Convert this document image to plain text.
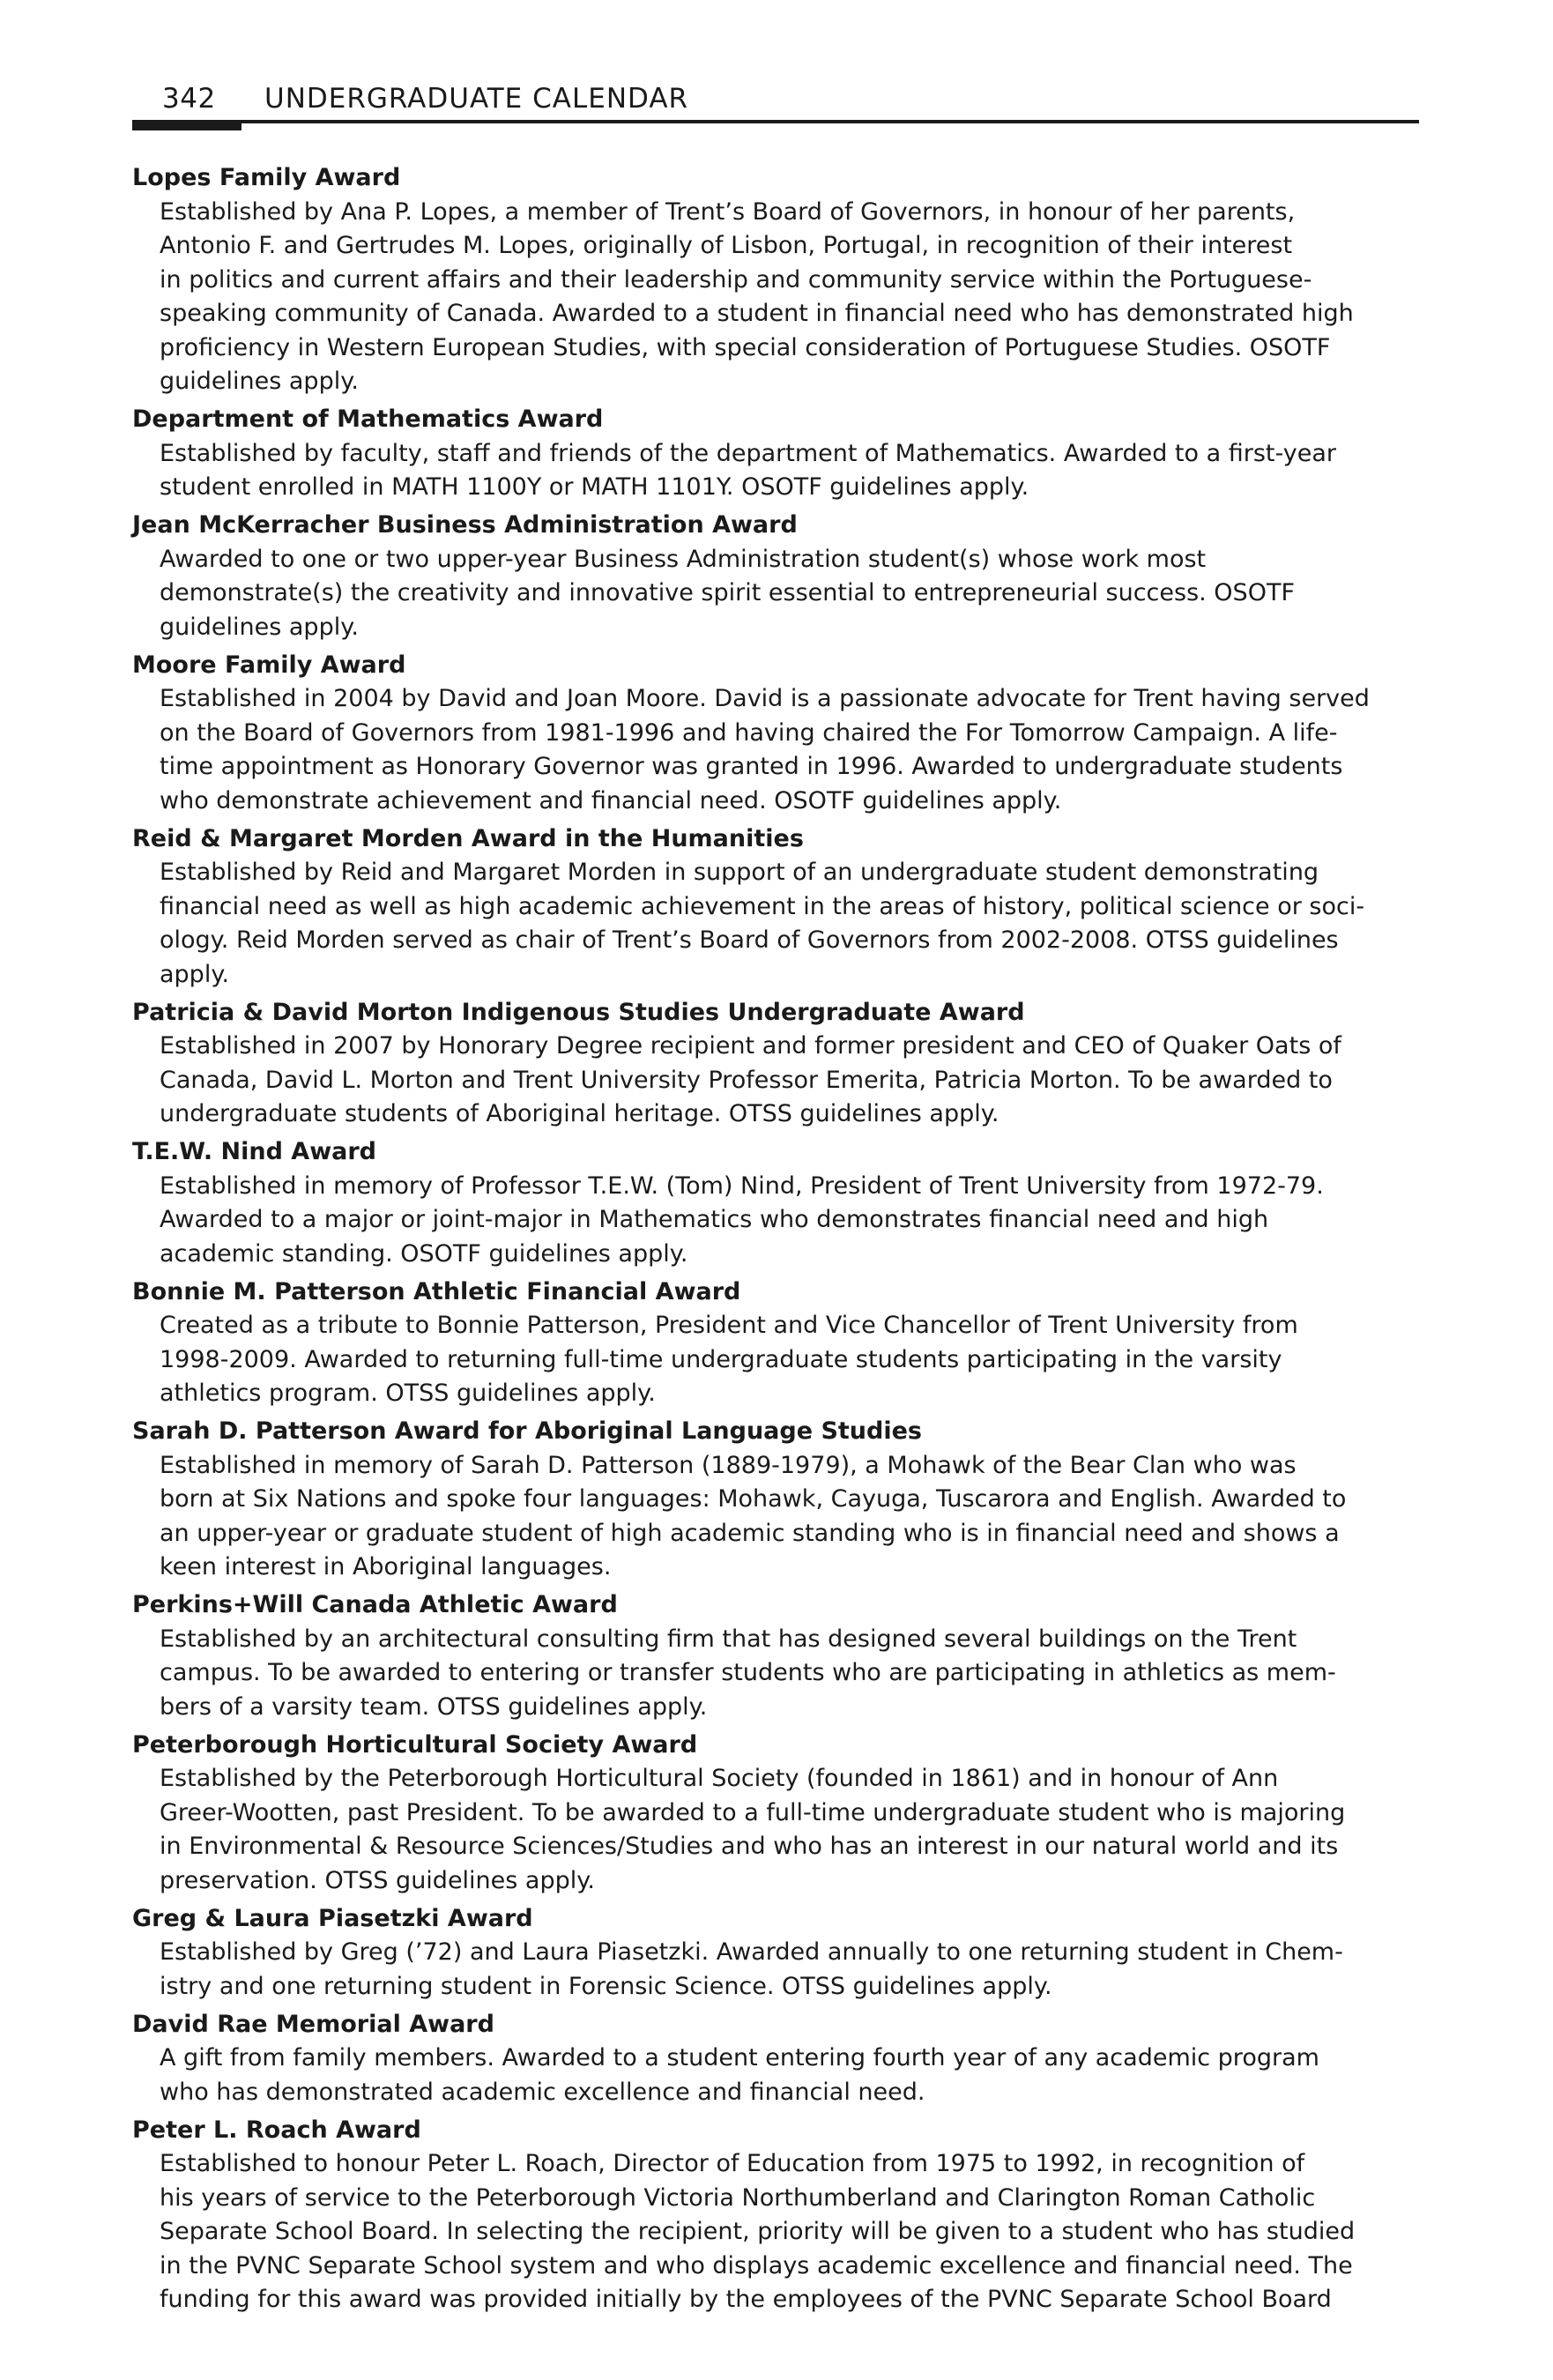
342 UNDERGRADUATE CALENDAR
Lopes Family Award
Established by Ana P. Lopes, a member of Trent’s Board of Governors, in honour of her parents,
Antonio F. and Gertrudes M. Lopes, originally of Lisbon, Portugal, in recognition of their interest
in politics and current affairs and their leadership and community service within the Portuguese-
speaking community of Canada. Awarded to a student in financial need who has demonstrated high
proficiency in Western European Studies, with special consideration of Portuguese Studies. OSOTF
guidelines apply.
Department of Mathematics Award
Established by faculty, staff and friends of the department of Mathematics. Awarded to a first-year
student enrolled in MATH 1100Y or MATH 1101Y. OSOTF guidelines apply.
Jean McKerracher Business Administration Award
Awarded to one or two upper-year Business Administration student(s) whose work most
demonstrate(s) the creativity and innovative spirit essential to entrepreneurial success. OSOTF
guidelines apply.
Moore Family Award
Established in 2004 by David and Joan Moore. David is a passionate advocate for Trent having served
on the Board of Governors from 1981-1996 and having chaired the For Tomorrow Campaign. A life-
time appointment as Honorary Governor was granted in 1996. Awarded to undergraduate students
who demonstrate achievement and financial need. OSOTF guidelines apply.
Reid & Margaret Morden Award in the Humanities
Established by Reid and Margaret Morden in support of an undergraduate student demonstrating
financial need as well as high academic achievement in the areas of history, political science or soci-
ology. Reid Morden served as chair of Trent’s Board of Governors from 2002-2008. OTSS guidelines
apply.
Patricia & David Morton Indigenous Studies Undergraduate Award
Established in 2007 by Honorary Degree recipient and former president and CEO of Quaker Oats of
Canada, David L. Morton and Trent University Professor Emerita, Patricia Morton. To be awarded to
undergraduate students of Aboriginal heritage. OTSS guidelines apply.
T.E.W. Nind Award
Established in memory of Professor T.E.W. (Tom) Nind, President of Trent University from 1972-79.
Awarded to a major or joint-major in Mathematics who demonstrates financial need and high
academic standing. OSOTF guidelines apply.
Bonnie M. Patterson Athletic Financial Award
Created as a tribute to Bonnie Patterson, President and Vice Chancellor of Trent University from
1998-2009. Awarded to returning full-time undergraduate students participating in the varsity
athletics program. OTSS guidelines apply.
Sarah D. Patterson Award for Aboriginal Language Studies
Established in memory of Sarah D. Patterson (1889-1979), a Mohawk of the Bear Clan who was
born at Six Nations and spoke four languages: Mohawk, Cayuga, Tuscarora and English. Awarded to
an upper-year or graduate student of high academic standing who is in financial need and shows a
keen interest in Aboriginal languages.
Perkins+Will Canada Athletic Award
Established by an architectural consulting firm that has designed several buildings on the Trent
campus. To be awarded to entering or transfer students who are participating in athletics as mem-
bers of a varsity team. OTSS guidelines apply.
Peterborough Horticultural Society Award
Established by the Peterborough Horticultural Society (founded in 1861) and in honour of Ann
Greer-Wootten, past President. To be awarded to a full-time undergraduate student who is majoring
in Environmental & Resource Sciences/Studies and who has an interest in our natural world and its
preservation. OTSS guidelines apply.
Greg & Laura Piasetzki Award
Established by Greg (’72) and Laura Piasetzki. Awarded annually to one returning student in Chem-
istry and one returning student in Forensic Science. OTSS guidelines apply.
David Rae Memorial Award
A gift from family members. Awarded to a student entering fourth year of any academic program
who has demonstrated academic excellence and financial need.
Peter L. Roach Award
Established to honour Peter L. Roach, Director of Education from 1975 to 1992, in recognition of
his years of service to the Peterborough Victoria Northumberland and Clarington Roman Catholic
Separate School Board. In selecting the recipient, priority will be given to a student who has studied
in the PVNC Separate School system and who displays academic excellence and financial need. The
funding for this award was provided initially by the employees of the PVNC Separate School Board
